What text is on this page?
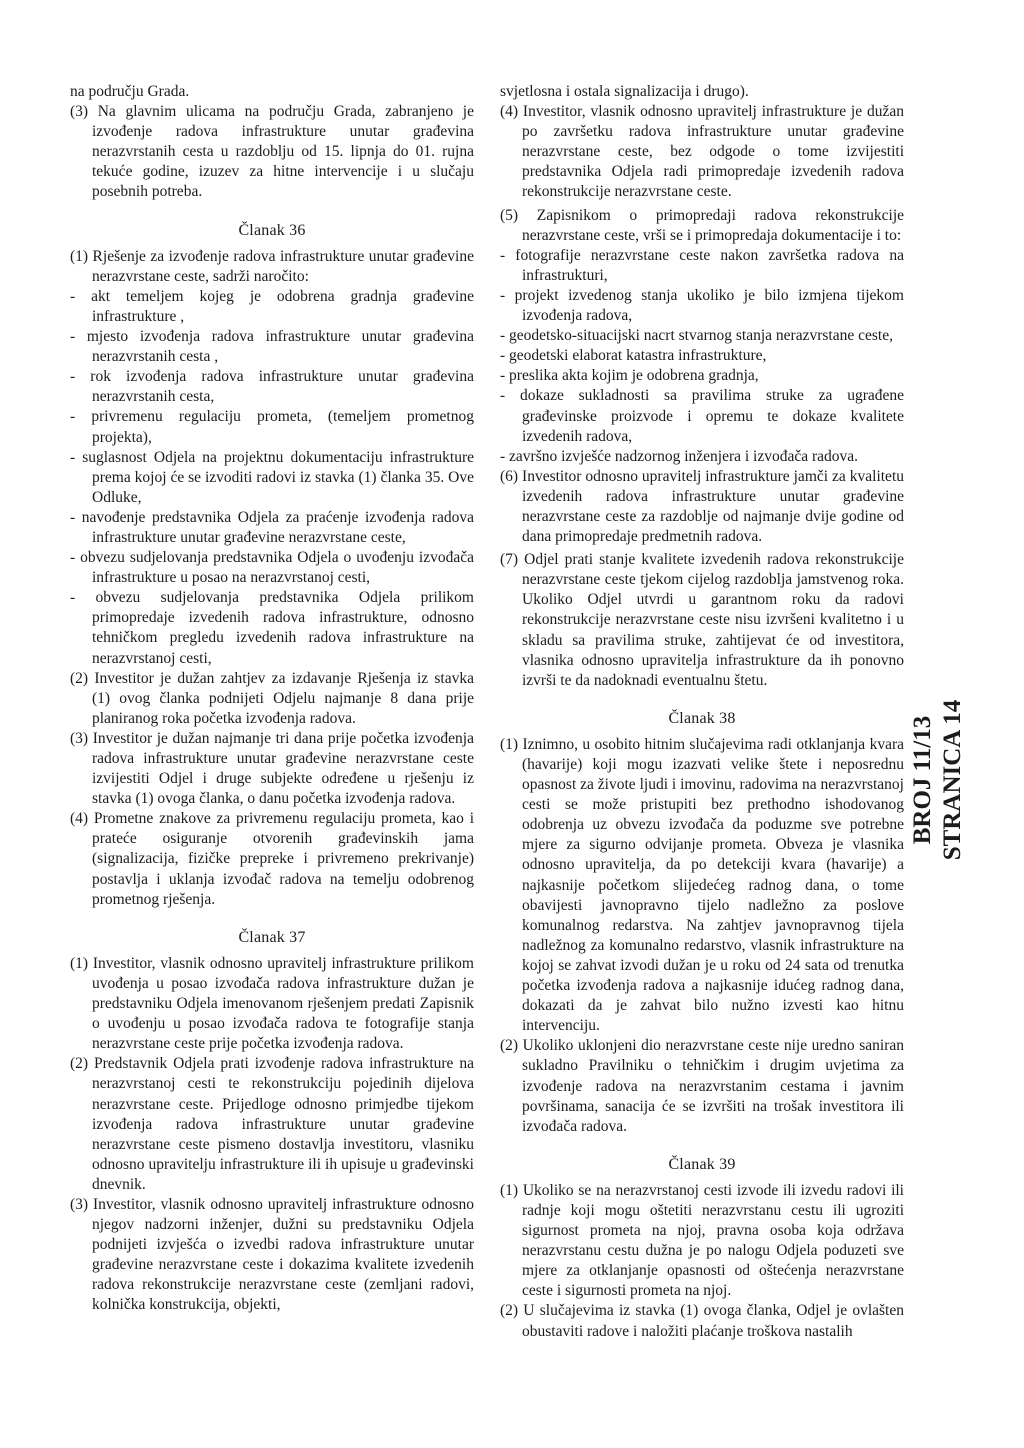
na području Grada.
(3) Na glavnim ulicama na području Grada, zabranjeno je izvođenje radova infrastrukture unutar građevina nerazvrstanih cesta u razdoblju od 15. lipnja do 01. rujna tekuće godine, izuzev za hitne intervencije i u slučaju posebnih potreba.
Članak 36
(1) Rješenje za izvođenje radova infrastrukture unutar građevine nerazvrstane ceste, sadrži naročito:
- akt temeljem kojeg je odobrena gradnja građevine infrastrukture ,
- mjesto izvođenja radova infrastrukture unutar građevina nerazvrstanih cesta ,
- rok izvođenja radova infrastrukture unutar građevina nerazvrstanih cesta,
- privremenu regulaciju prometa, (temeljem prometnog projekta),
- suglasnost Odjela na projektnu dokumentaciju infrastrukture prema kojoj će se izvoditi radovi iz stavka (1) članka 35. Ove Odluke,
- navođenje predstavnika Odjela za praćenje izvođenja radova infrastrukture unutar građevine nerazvrstane ceste,
- obvezu sudjelovanja predstavnika Odjela o uvođenju izvođača infrastrukture u posao na nerazvrstanoj cesti,
- obvezu sudjelovanja predstavnika Odjela prilikom primopredaje izvedenih radova infrastrukture, odnosno tehničkom pregledu izvedenih radova infrastrukture na nerazvrstanoj cesti,
(2) Investitor je dužan zahtjev za izdavanje Rješenja iz stavka (1) ovog članka podnijeti Odjelu najmanje 8 dana prije planiranog roka početka izvođenja radova.
(3) Investitor je dužan najmanje tri dana prije početka izvođenja radova infrastrukture unutar građevine nerazvrstane ceste izvijestiti Odjel i druge subjekte određene u rješenju iz stavka (1) ovoga članka, o danu početka izvođenja radova.
(4) Prometne znakove za privremenu regulaciju prometa, kao i prateće osiguranje otvorenih građevinskih jama (signalizacija, fizičke prepreke i privremeno prekrivanje) postavlja i uklanja izvođač radova na temelju odobrenog prometnog rješenja.
Članak 37
(1) Investitor, vlasnik odnosno upravitelj infrastrukture prilikom uvođenja u posao izvođača radova infrastrukture dužan je predstavniku Odjela imenovanom rješenjem predati Zapisnik o uvođenju u posao izvođača radova te fotografije stanja nerazvrstane ceste prije početka izvođenja radova.
(2) Predstavnik Odjela prati izvođenje radova infrastrukture na nerazvrstanoj cesti te rekonstrukciju pojedinih dijelova nerazvrstane ceste. Prijedloge odnosno primjedbe tijekom izvođenja radova infrastrukture unutar građevine nerazvrstane ceste pismeno dostavlja investitoru, vlasniku odnosno upravitelju infrastrukture ili ih upisuje u građevinski dnevnik.
(3) Investitor, vlasnik odnosno upravitelj infrastrukture odnosno njegov nadzorni inženjer, dužni su predstavniku Odjela podnijeti izvješća o izvedbi radova infrastrukture unutar građevine nerazvrstane ceste i dokazima kvalitete izvedenih radova rekonstrukcije nerazvrstane ceste (zemljani radovi, kolnička konstrukcija, objekti,
svjetlosna i ostala signalizacija i drugo).
(4) Investitor, vlasnik odnosno upravitelj infrastrukture je dužan po završetku radova infrastrukture unutar građevine nerazvrstane ceste, bez odgode o tome izvijestiti predstavnika Odjela radi primopredaje izvedenih radova rekonstrukcije nerazvrstane ceste.
(5) Zapisnikom o primopredaji radova rekonstrukcije nerazvrstane ceste, vrši se i primopredaja dokumentacije i to:
- fotografije nerazvrstane ceste nakon završetka radova na infrastrukturi,
- projekt izvedenog stanja ukoliko je bilo izmjena tijekom izvođenja radova,
- geodetsko-situacijski nacrt stvarnog stanja nerazvrstane ceste,
- geodetski elaborat katastra infrastrukture,
- preslika akta kojim je odobrena gradnja,
- dokaze sukladnosti sa pravilima struke za ugrađene građevinske proizvode i opremu te dokaze kvalitete izvedenih radova,
- završno izvješće nadzornog inženjera i izvođača radova.
(6) Investitor odnosno upravitelj infrastrukture jamči za kvalitetu izvedenih radova infrastrukture unutar građevine nerazvrstane ceste za razdoblje od najmanje dvije godine od dana primopredaje predmetnih radova.
(7) Odjel prati stanje kvalitete izvedenih radova rekonstrukcije nerazvrstane ceste tjekom cijelog razdoblja jamstvenog roka. Ukoliko Odjel utvrdi u garantnom roku da radovi rekonstrukcije nerazvrstane ceste nisu izvršeni kvalitetno i u skladu sa pravilima struke, zahtijevat će od investitora, vlasnika odnosno upravitelja infrastrukture da ih ponovno izvrši te da nadoknadi eventualnu štetu.
Članak 38
(1) Iznimno, u osobito hitnim slučajevima radi otklanjanja kvara (havarije) koji mogu izazvati velike štete i neposrednu opasnost za živote ljudi i imovinu, radovima na nerazvrstanoj cesti se može pristupiti bez prethodno ishodovanog odobrenja uz obvezu izvođača da poduzme sve potrebne mjere za sigurno odvijanje prometa. Obveza je vlasnika odnosno upravitelja, da po detekciji kvara (havarije) a najkasnije početkom slijedećeg radnog dana, o tome obavijesti javnopravno tijelo nadležno za poslove komunalnog redarstva. Na zahtjev javnopravnog tijela nadležnog za komunalno redarstvo, vlasnik infrastrukture na kojoj se zahvat izvodi dužan je u roku od 24 sata od trenutka početka izvođenja radova a najkasnije idućeg radnog dana, dokazati da je zahvat bilo nužno izvesti kao hitnu intervenciju.
(2) Ukoliko uklonjeni dio nerazvrstane ceste nije uredno saniran sukladno Pravilniku o tehničkim i drugim uvjetima za izvođenje radova na nerazvrstanim cestama i javnim površinama, sanacija će se izvršiti na trošak investitora ili izvođača radova.
Članak 39
(1) Ukoliko se na nerazvrstanoj cesti izvode ili izvedu radovi ili radnje koji mogu oštetiti nerazvrstanu cestu ili ugroziti sigurnost prometa na njoj, pravna osoba koja održava nerazvrstanu cestu dužna je po nalogu Odjela poduzeti sve mjere za otklanjanje opasnosti od oštećenja nerazvrstane ceste i sigurnosti prometa na njoj.
(2) U slučajevima iz stavka (1) ovoga članka, Odjel je ovlašten obustaviti radove i naložiti plaćanje troškova nastalih
BROJ 11/13 STRANICA 14
